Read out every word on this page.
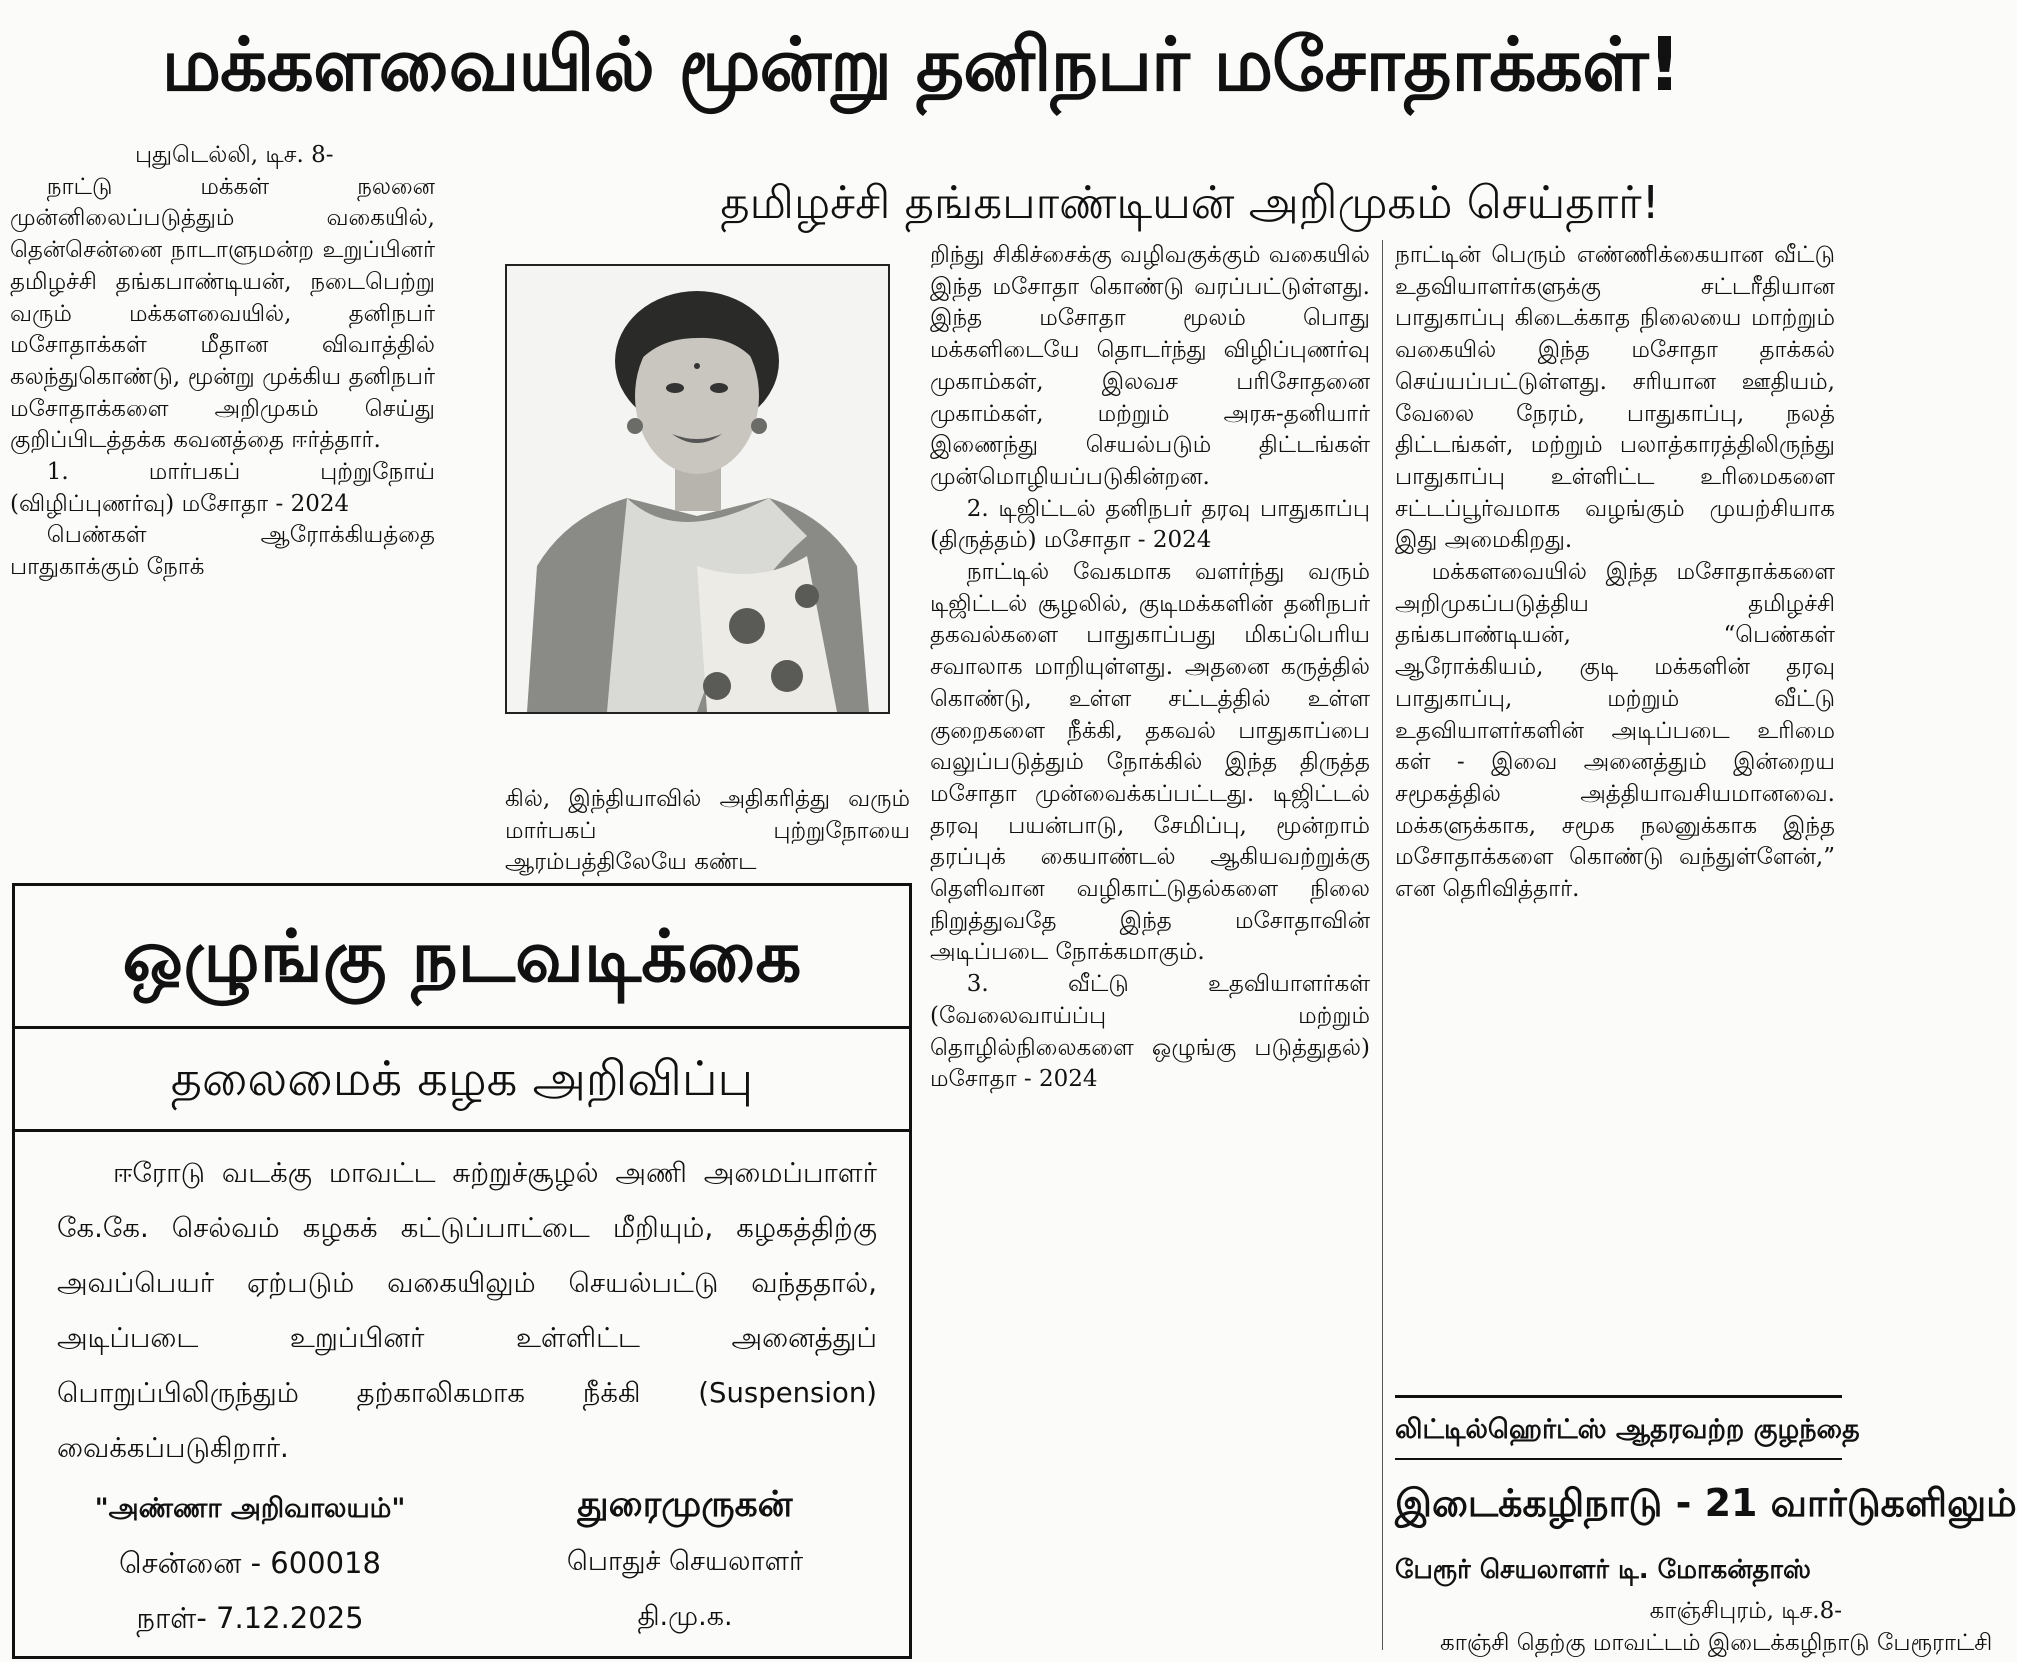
மக்களவையில் மூன்று தனிநபர் மசோதாக்கள்!
தமிழச்சி தங்கபாண்டியன் அறிமுகம் செய்தார்!

புதுடெல்லி, டிச. 8-

நாட்டு மக்கள் நலனை முன்னிலைப்படுத்தும் வகையில், தென்சென்னை நாடாளுமன்ற உறுப்பினர் தமிழச்சி தங்கபாண்டியன், நடைபெற்று வரும் மக்களவையில், தனிநபர் மசோதாக்கள் மீதான விவாத்தில் கலந்துகொண்டு, மூன்று முக்கிய தனிநபர் மசோதாக்களை அறிமுகம் செய்து குறிப்பிடத்தக்க கவனத்தை ஈர்த்தார்.

1. மார்பகப் புற்றுநோய் (விழிப்புணர்வு) மசோதா - 2024

பெண்கள் ஆரோக்கியத்தை பாதுகாக்கும் நோக்

கில், இந்தியாவில் அதிகரித்து வரும் மார்பகப் புற்றுநோயை ஆரம்பத்திலேயே கண்ட

றிந்து சிகிச்சைக்கு வழிவகுக்கும் வகையில் இந்த மசோதா கொண்டு வரப்பட்டுள்ளது. இந்த மசோதா மூலம் பொது மக்களிடையே தொடர்ந்து விழிப்புணர்வு முகாம்கள், இலவச பரிசோதனை முகாம்கள், மற்றும் அரசு-தனியார் இணைந்து செயல்படும் திட்டங்கள் முன்மொழியப்படுகின்றன.

2. டிஜிட்டல் தனிநபர் தரவு பாதுகாப்பு (திருத்தம்) மசோதா - 2024

நாட்டில் வேகமாக வளர்ந்து வரும் டிஜிட்டல் சூழலில், குடிமக்களின் தனிநபர் தகவல்களை பாதுகாப்பது மிகப்பெரிய சவாலாக மாறியுள்ளது. அதனை கருத்தில் கொண்டு, உள்ள சட்டத்தில் உள்ள குறைகளை நீக்கி, தகவல் பாதுகாப்பை வலுப்படுத்தும் நோக்கில் இந்த திருத்த மசோதா முன்வைக்கப்பட்டது. டிஜிட்டல் தரவு பயன்பாடு, சேமிப்பு, மூன்றாம் தரப்புக் கையாண்டல் ஆகியவற்றுக்கு தெளிவான வழிகாட்டுதல்களை நிலை நிறுத்துவதே இந்த மசோதாவின் அடிப்படை நோக்கமாகும்.

3. வீட்டு உதவியாளர்கள் (வேலைவாய்ப்பு மற்றும் தொழில்நிலைகளை ஒழுங்கு படுத்துதல்) மசோதா - 2024

நாட்டின் பெரும் எண்ணிக்கையான வீட்டு உதவியாளர்களுக்கு சட்டரீதியான பாதுகாப்பு கிடைக்காத நிலையை மாற்றும் வகையில் இந்த மசோதா தாக்கல் செய்யப்பட்டுள்ளது. சரியான ஊதியம், வேலை நேரம், பாதுகாப்பு, நலத் திட்டங்கள், மற்றும் பலாத்காரத்திலிருந்து பாதுகாப்பு உள்ளிட்ட உரிமைகளை சட்டப்பூர்வமாக வழங்கும் முயற்சியாக இது அமைகிறது.

மக்களவையில் இந்த மசோதாக்களை அறிமுகப்படுத்திய தமிழச்சி தங்கபாண்டியன், “பெண்கள் ஆரோக்கியம், குடி மக்களின் தரவு பாதுகாப்பு, மற்றும் வீட்டு உதவியாளர்களின் அடிப்படை உரிமை கள் - இவை அனைத்தும் இன்றைய சமூகத்தில் அத்தியாவசியமானவை. மக்களுக்காக, சமூக நலனுக்காக இந்த மசோதாக்களை கொண்டு வந்துள்ளேன்,” என தெரிவித்தார்.

ஒழுங்கு நடவடிக்கை
தலைமைக் கழக அறிவிப்பு
ஈரோடு வடக்கு மாவட்ட சுற்றுச்சூழல் அணி அமைப்பாளர் கே.கே. செல்வம் கழகக் கட்டுப்பாட்டை மீறியும், கழகத்திற்கு அவப்பெயர் ஏற்படும் வகையிலும் செயல்பட்டு வந்ததால், அடிப்படை உறுப்பினர் உள்ளிட்ட அனைத்துப் பொறுப்பிலிருந்தும் தற்காலிகமாக நீக்கி (Suspension) வைக்கப்படுகிறார்.
"அண்ணா அறிவாலயம்"
சென்னை - 600018
நாள்- 7.12.2025
துரைமுருகன்
பொதுச் செயலாளர்
தி.மு.க.
லிட்டில்ஹெர்ட்ஸ் ஆதரவற்ற குழந்தை
இடைக்கழிநாடு - 21 வார்டுகளிலும்
பேரூர் செயலாளர் டி. மோகன்தாஸ்
காஞ்சிபுரம், டிச.8-
காஞ்சி தெற்கு மாவட்டம் இடைக்கழிநாடு பேரூராட்சி
